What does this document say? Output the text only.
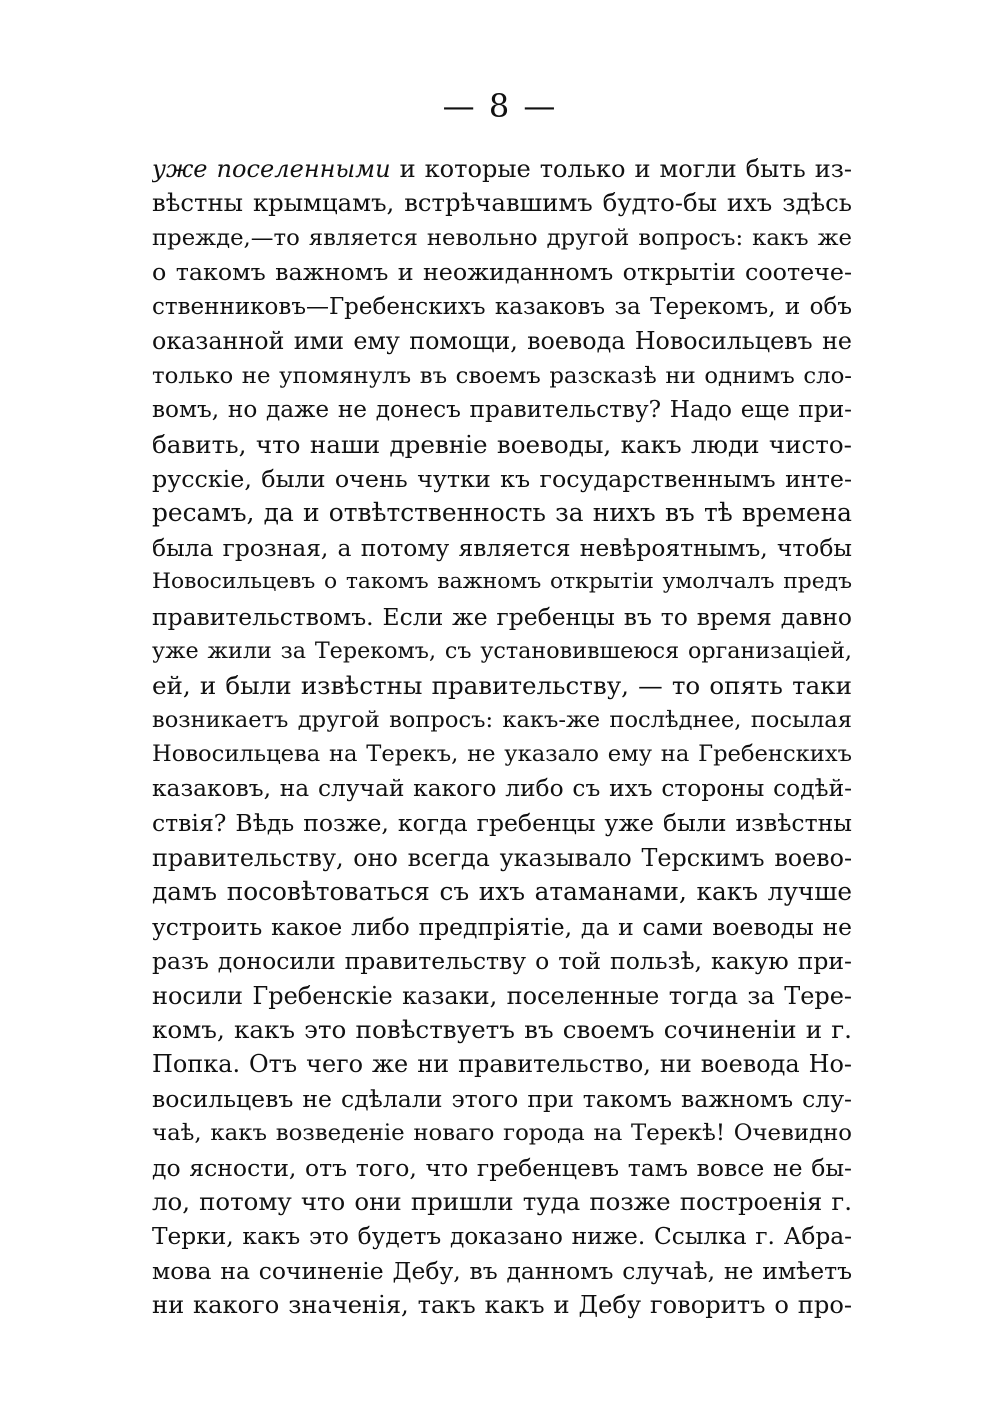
— 8 —
уже поселенными и которые только и могли быть из-
вѣстны крымцамъ, встрѣчавшимъ будто-бы ихъ здѣсь
прежде,—то является невольно другой вопросъ: какъ же
о такомъ важномъ и неожиданномъ открытіи соотече-
ственниковъ—Гребенскихъ казаковъ за Терекомъ, и объ
оказанной ими ему помощи, воевода Новосильцевъ не
только не упомянулъ въ своемъ разсказѣ ни однимъ сло-
вомъ, но даже не донесъ правительству? Надо еще при-
бавить, что наши древніе воеводы, какъ люди чисто-
русскіе, были очень чутки къ государственнымъ инте-
ресамъ, да и отвѣтственность за нихъ въ тѣ времена
была грозная, а потому является невѣроятнымъ, чтобы
Новосильцевъ о такомъ важномъ открытіи умолчалъ предъ
правительствомъ. Если же гребенцы въ то время давно
уже жили за Терекомъ, съ установившеюся организаціей,
ей, и были извѣстны правительству, — то опять таки
возникаетъ другой вопросъ: какъ-же послѣднее, посылая
Новосильцева на Терекъ, не указало ему на Гребенскихъ
казаковъ, на случай какого либо съ ихъ стороны содѣй-
ствія? Вѣдь позже, когда гребенцы уже были извѣстны
правительству, оно всегда указывало Терскимъ воево-
дамъ посовѣтоваться съ ихъ атаманами, какъ лучше
устроить какое либо предпріятіе, да и сами воеводы не
разъ доносили правительству о той пользѣ, какую при-
носили Гребенскіе казаки, поселенные тогда за Тере-
комъ, какъ это повѣствуетъ въ своемъ сочиненіи и г.
Попка. Отъ чего же ни правительство, ни воевода Но-
восильцевъ не сдѣлали этого при такомъ важномъ слу-
чаѣ, какъ возведеніе новаго города на Терекѣ! Очевидно
до ясности, отъ того, что гребенцевъ тамъ вовсе не бы-
ло, потому что они пришли туда позже построенія г.
Терки, какъ это будетъ доказано ниже. Ссылка г. Абра-
мова на сочиненіе Дебу, въ данномъ случаѣ, не имѣетъ
ни какого значенія, такъ какъ и Дебу говоритъ о про-
